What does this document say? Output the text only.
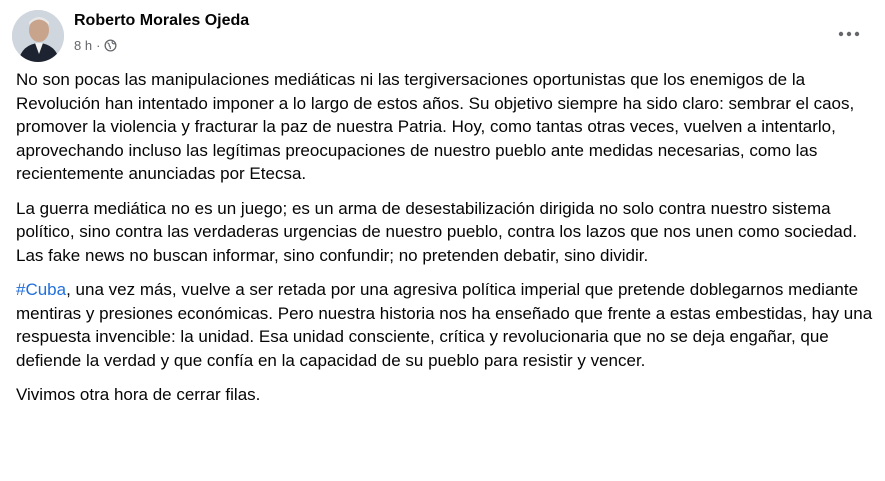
Roberto Morales Ojeda
8 h ·

No son pocas las manipulaciones mediáticas ni las tergiversaciones oportunistas que los enemigos de la Revolución han intentado imponer a lo largo de estos años. Su objetivo siempre ha sido claro: sembrar el caos, promover la violencia y fracturar la paz de nuestra Patria. Hoy, como tantas otras veces, vuelven a intentarlo, aprovechando incluso las legítimas preocupaciones de nuestro pueblo ante medidas necesarias, como las recientemente anunciadas por Etecsa.

La guerra mediática no es un juego; es un arma de desestabilización dirigida no solo contra nuestro sistema político, sino contra las verdaderas urgencias de nuestro pueblo, contra los lazos que nos unen como sociedad. Las fake news no buscan informar, sino confundir; no pretenden debatir, sino dividir.

#Cuba, una vez más, vuelve a ser retada por una agresiva política imperial que pretende doblegarnos mediante mentiras y presiones económicas. Pero nuestra historia nos ha enseñado que frente a estas embestidas, hay una respuesta invencible: la unidad. Esa unidad consciente, crítica y revolucionaria que no se deja engañar, que defiende la verdad y que confía en la capacidad de su pueblo para resistir y vencer.

Vivimos otra hora de cerrar filas.
